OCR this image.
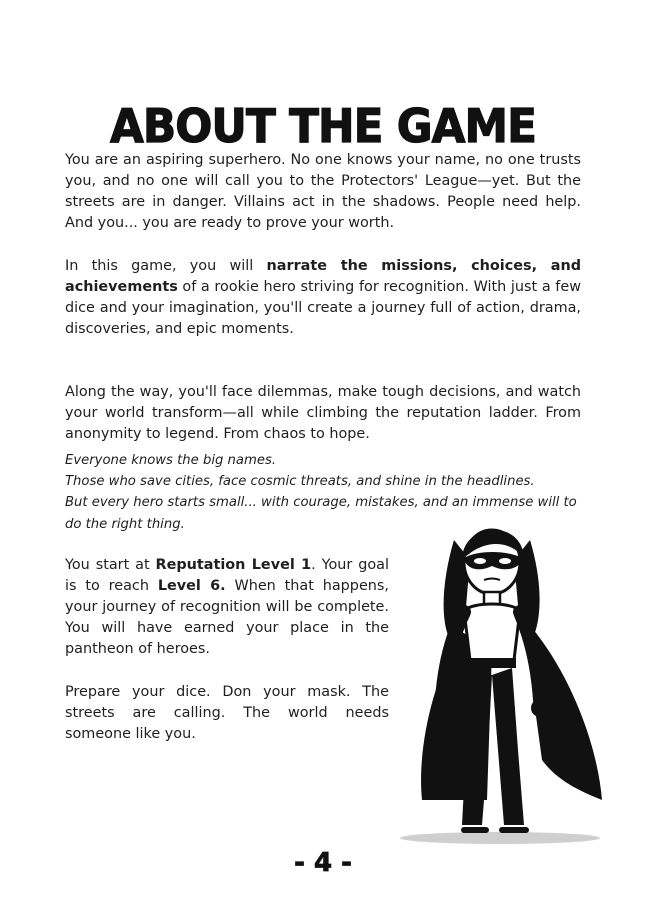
ABOUT THE GAME

You are an aspiring superhero. No one knows your name, no one trusts you, and no one will call you to the Protectors' League—yet. But the streets are in danger. Villains act in the shadows. People need help. And you... you are ready to prove your worth.

In this game, you will narrate the missions, choices, and achievements of a rookie hero striving for recognition. With just a few dice and your imagination, you'll create a journey full of action, drama, discoveries, and epic moments.

Along the way, you'll face dilemmas, make tough decisions, and watch your world transform—all while climbing the reputation ladder. From anonymity to legend. From chaos to hope.

Everyone knows the big names.
Those who save cities, face cosmic threats, and shine in the headlines.
But every hero starts small... with courage, mistakes, and an immense will to do the right thing.

You start at Reputation Level 1. Your goal is to reach Level 6. When that happens, your journey of recognition will be complete. You will have earned your place in the pantheon of heroes.

Prepare your dice. Don your mask. The streets are calling. The world needs someone like you.

- 4 -
